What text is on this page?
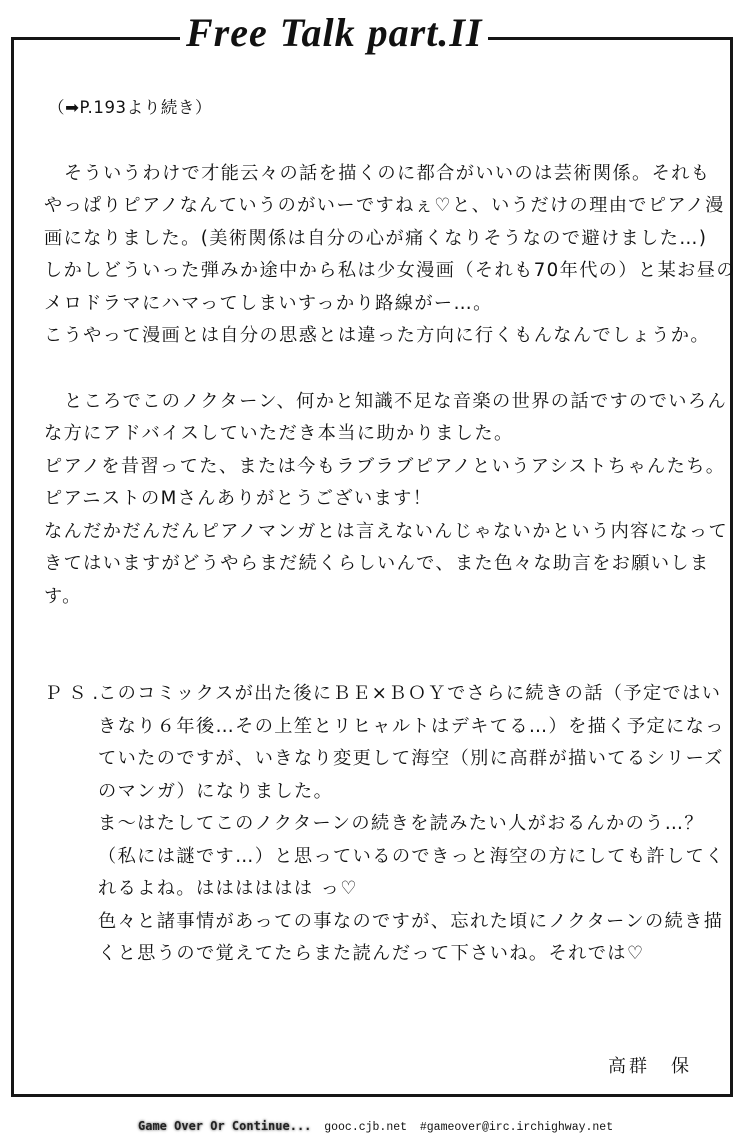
Free Talk part.II
（➡P.193より続き）
そういうわけで才能云々の話を描くのに都合がいいのは芸術関係。それも
やっぱりピアノなんていうのがいーですねぇ♡と、いうだけの理由でピアノ漫
画になりました。(美術関係は自分の心が痛くなりそうなので避けました…)
しかしどういった弾みか途中から私は少女漫画（それも70年代の）と某お昼の
メロドラマにハマってしまいすっかり路線がー…。
こうやって漫画とは自分の思惑とは違った方向に行くもんなんでしょうか。
ところでこのノクターン、何かと知識不足な音楽の世界の話ですのでいろん
な方にアドバイスしていただき本当に助かりました。
ピアノを昔習ってた、または今もラブラブピアノというアシストちゃんたち。
ピアニストのMさんありがとうございます！
なんだかだんだんピアノマンガとは言えないんじゃないかという内容になって
きてはいますがどうやらまだ続くらしいんで、また色々な助言をお願いしま
す。
ＰＳ.
このコミックスが出た後にＢＥ×ＢＯＹでさらに続きの話（予定ではい
きなり６年後…その上笙とリヒャルトはデキてる…）を描く予定になっ
ていたのですが、いきなり変更して海空（別に高群が描いてるシリーズ
のマンガ）になりました。
ま～はたしてこのノクターンの続きを読みたい人がおるんかのう…？
（私には謎です…）と思っているのできっと海空の方にしても許してく
れるよね。はははははは っ♡
色々と諸事情があっての事なのですが、忘れた頃にノクターンの続き描
くと思うので覚えてたらまた読んだって下さいね。それでは♡
高群　保
Game Over Or Continue... gooc.cjb.net #gameover@irc.irchighway.net
